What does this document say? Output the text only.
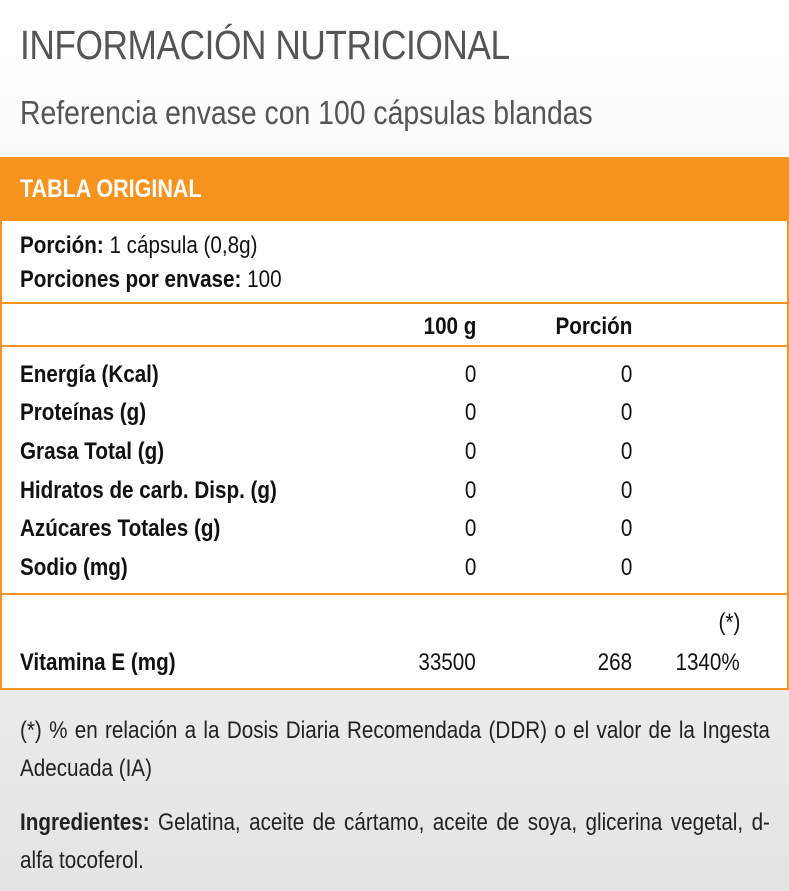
INFORMACIÓN NUTRICIONAL
Referencia envase con 100 cápsulas blandas
TABLA ORIGINAL
Porción: 1 cápsula (0,8g)
Porciones por envase: 100
100 g	Porción
Energía (Kcal)	0	0
Proteínas (g)	0	0
Grasa Total (g)	0	0
Hidratos de carb. Disp. (g)	0	0
Azúcares Totales (g)	0	0
Sodio (mg)	0	0
(*)
Vitamina E (mg)	33500	268 1340%
(*) % en relación a la Dosis Diaria Recomendada (DDR) o el valor de la Ingesta Adecuada (IA)
Ingredientes: Gelatina, aceite de cártamo, aceite de soya, glicerina vegetal, d-alfa tocoferol.
